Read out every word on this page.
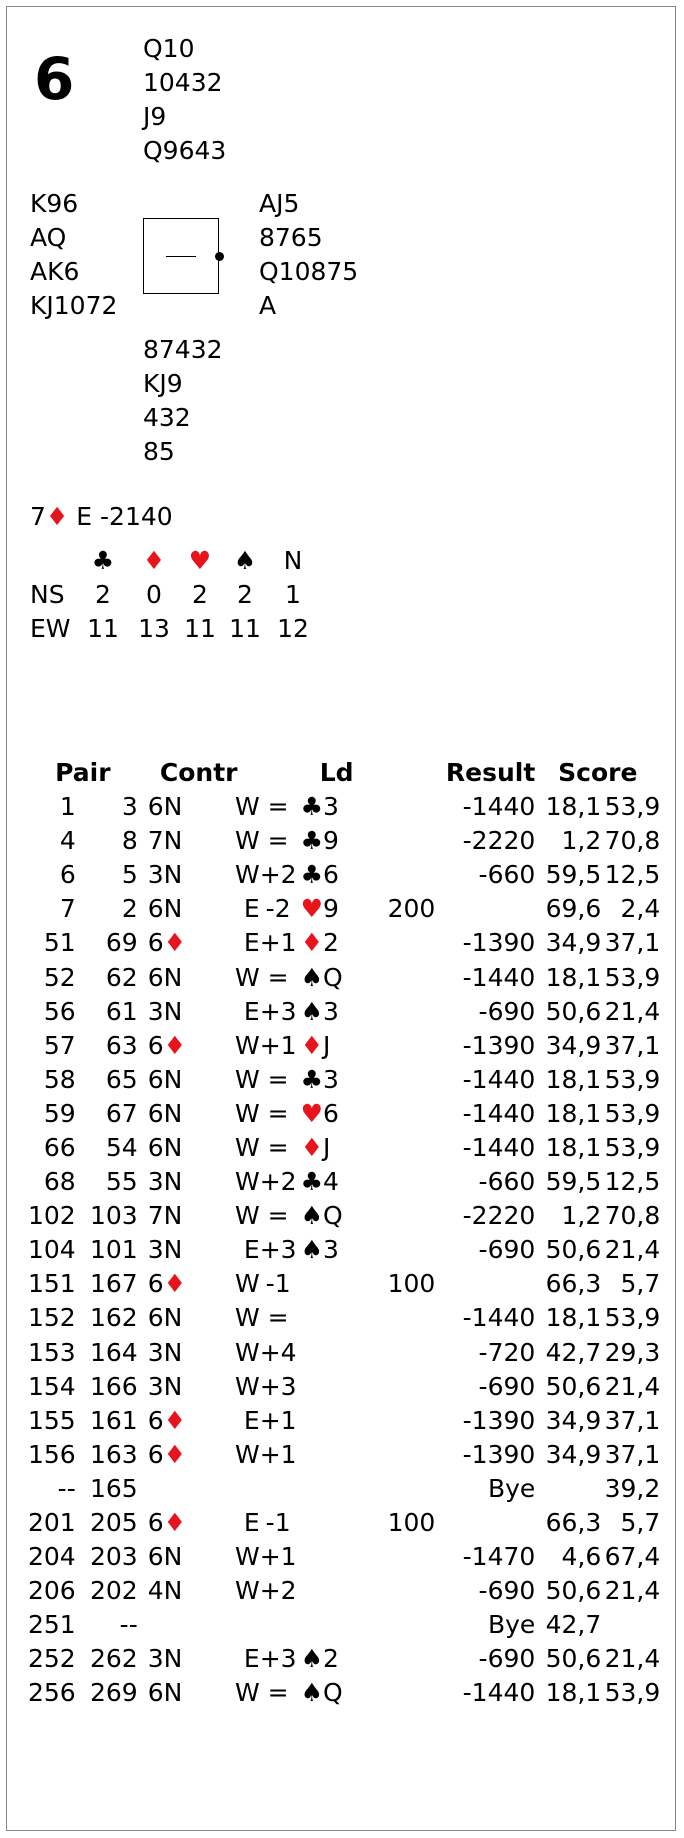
6	Q10
10432
J9
Q9643
K96
AQ
AK6
KJ1072
AJ5
8765
Q10875
A
87432
KJ9
432
85
7♦ E -2140
	♣	♦	♥	♠	N
NS	2	0	2	2	1
EW	11	13	11	11	12
Pair		Contr		Ld		Result		Score	
1	3	6N	W	=	♣3		-1440	18,1	53,9
4	8	7N	W	=	♣9		-2220	1,2	70,8
6	5	3N	W	+2	♣6		-660	59,5	12,5
7	2	6N	E	-2	♥9	200		69,6	2,4
51	69	6♦	E	+1	♦2		-1390	34,9	37,1
52	62	6N	W	=	♠Q		-1440	18,1	53,9
56	61	3N	E	+3	♠3		-690	50,6	21,4
57	63	6♦	W	+1	♦J		-1390	34,9	37,1
58	65	6N	W	=	♣3		-1440	18,1	53,9
59	67	6N	W	=	♥6		-1440	18,1	53,9
66	54	6N	W	=	♦J		-1440	18,1	53,9
68	55	3N	W	+2	♣4		-660	59,5	12,5
102	103	7N	W	=	♠Q		-2220	1,2	70,8
104	101	3N	E	+3	♠3		-690	50,6	21,4
151	167	6♦	W	-1		100		66,3	5,7
152	162	6N	W	=			-1440	18,1	53,9
153	164	3N	W	+4			-720	42,7	29,3
154	166	3N	W	+3			-690	50,6	21,4
155	161	6♦	E	+1			-1390	34,9	37,1
156	163	6♦	W	+1			-1390	34,9	37,1
--	165						Bye		39,2
201	205	6♦	E	-1		100		66,3	5,7
204	203	6N	W	+1			-1470	4,6	67,4
206	202	4N	W	+2			-690	50,6	21,4
251	--						Bye	42,7	
252	262	3N	E	+3	♠2		-690	50,6	21,4
256	269	6N	W	=	♠Q		-1440	18,1	53,9
